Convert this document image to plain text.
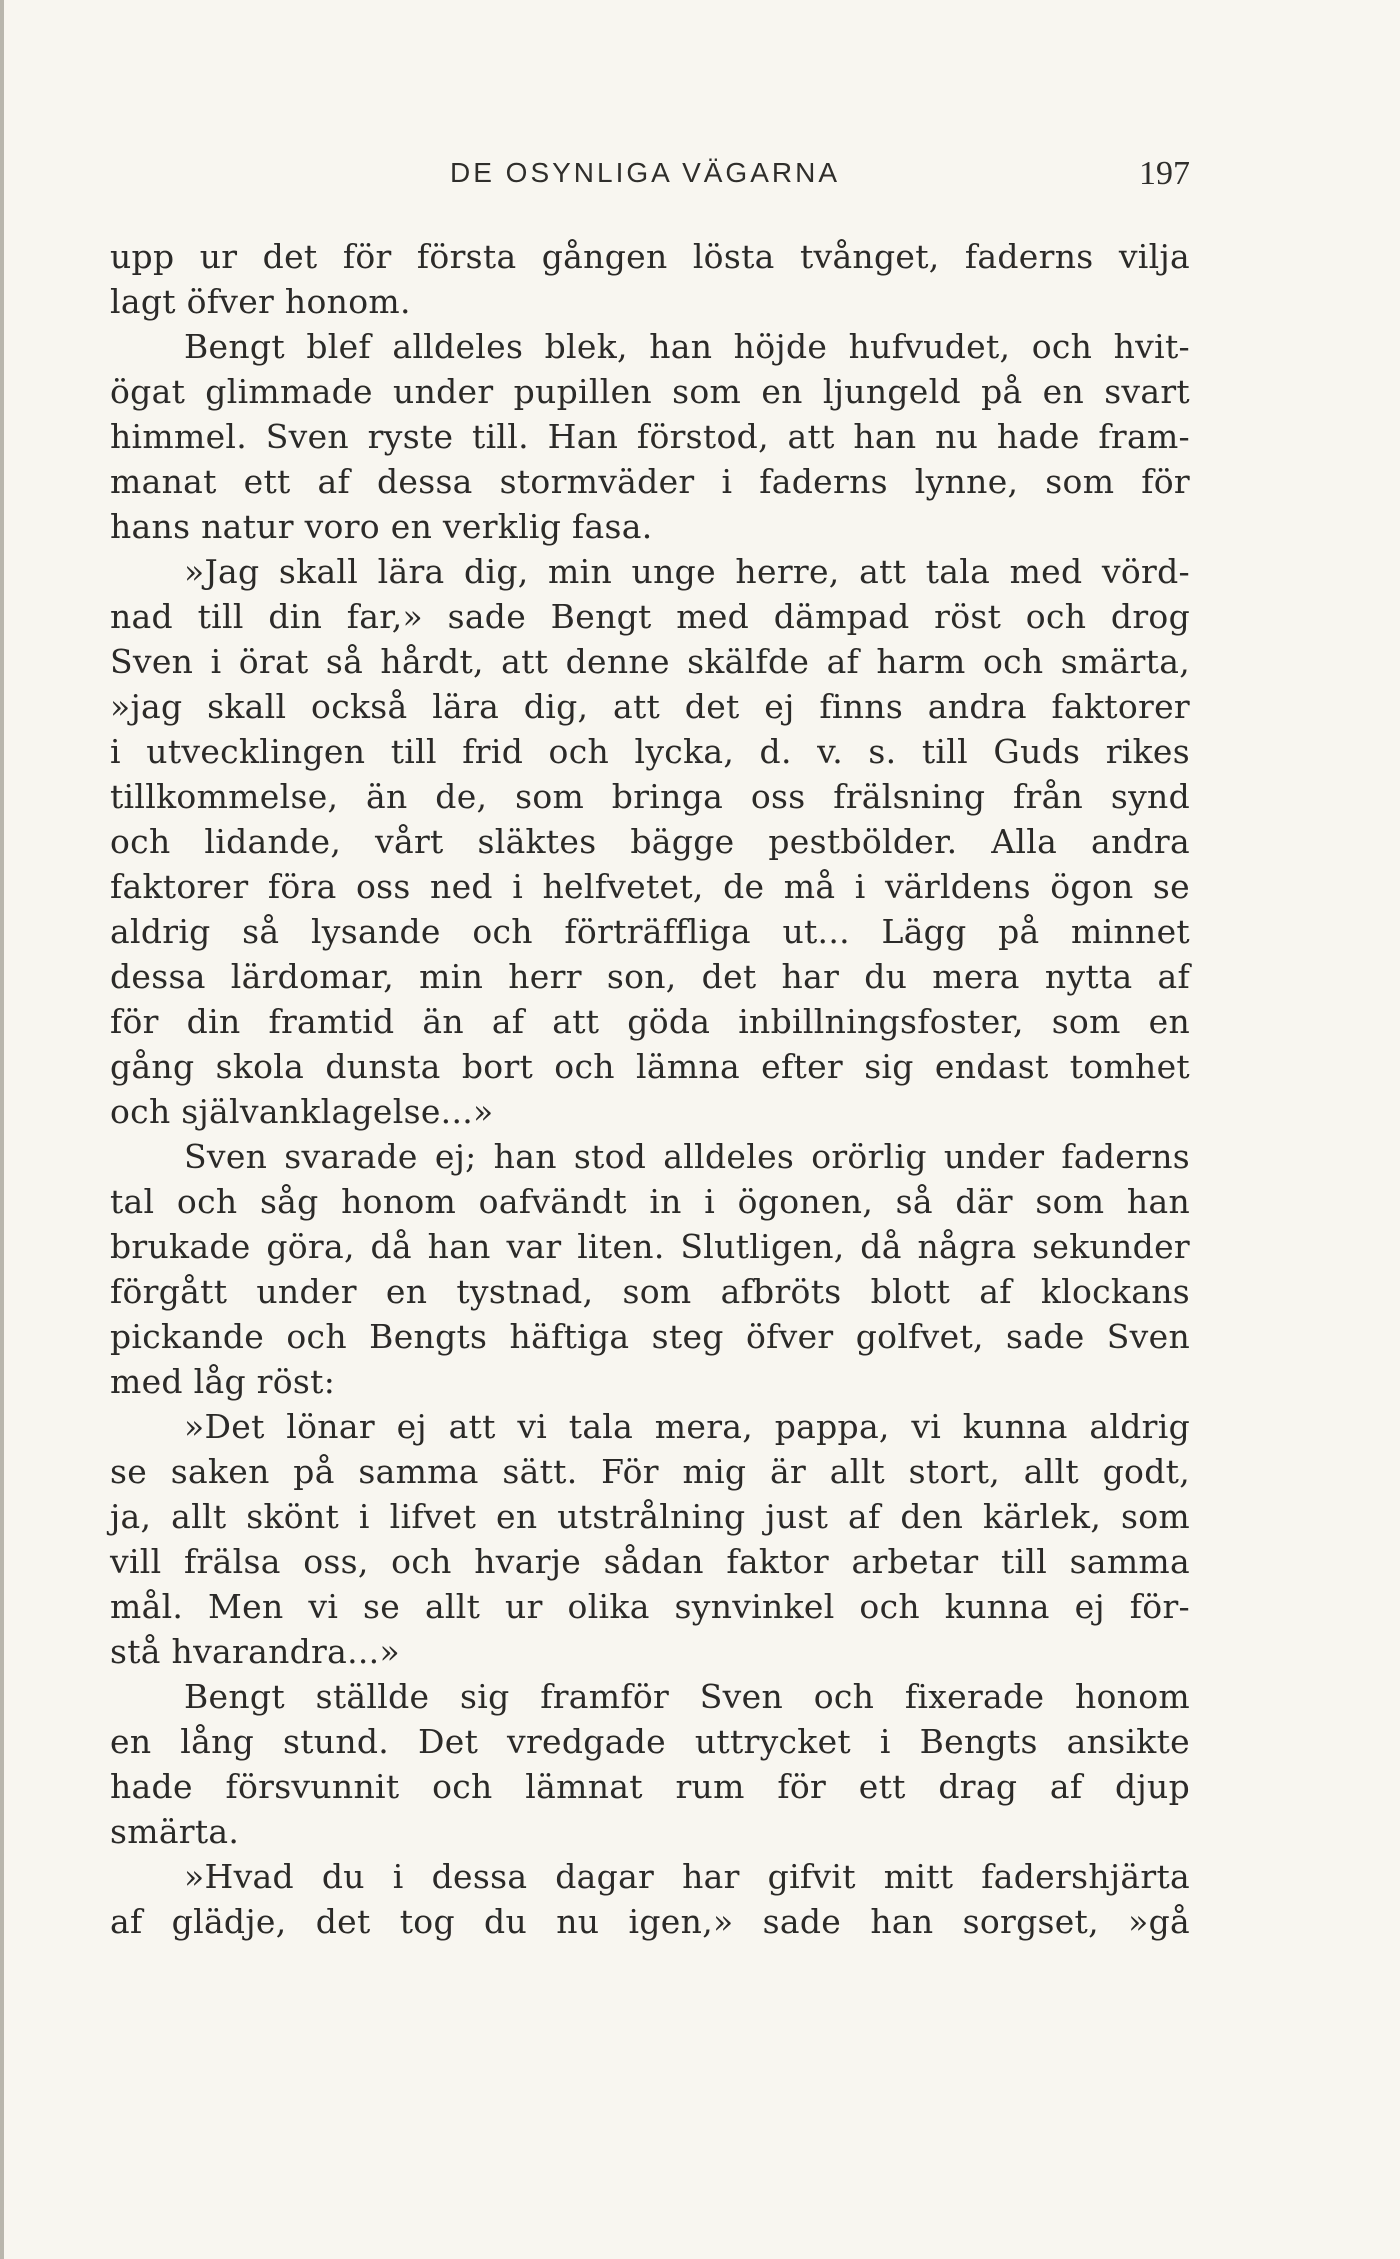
DE OSYNLIGA VÄGARNA	197
upp ur det för första gången lösta tvånget, faderns vilja
lagt öfver honom.
Bengt blef alldeles blek, han höjde hufvudet, och hvit-
ögat glimmade under pupillen som en ljungeld på en svart
himmel. Sven ryste till. Han förstod, att han nu hade fram-
manat ett af dessa stormväder i faderns lynne, som för
hans natur voro en verklig fasa.
»Jag skall lära dig, min unge herre, att tala med vörd-
nad till din far,» sade Bengt med dämpad röst och drog
Sven i örat så hårdt, att denne skälfde af harm och smärta,
»jag skall också lära dig, att det ej finns andra faktorer
i utvecklingen till frid och lycka, d. v. s. till Guds rikes
tillkommelse, än de, som bringa oss frälsning från synd
och lidande, vårt släktes bägge pestbölder. Alla andra
faktorer föra oss ned i helfvetet, de må i världens ögon se
aldrig så lysande och förträffliga ut... Lägg på minnet
dessa lärdomar, min herr son, det har du mera nytta af
för din framtid än af att göda inbillningsfoster, som en
gång skola dunsta bort och lämna efter sig endast tomhet
och självanklagelse...»
Sven svarade ej; han stod alldeles orörlig under faderns
tal och såg honom oafvändt in i ögonen, så där som han
brukade göra, då han var liten. Slutligen, då några sekunder
förgått under en tystnad, som afbröts blott af klockans
pickande och Bengts häftiga steg öfver golfvet, sade Sven
med låg röst:
»Det lönar ej att vi tala mera, pappa, vi kunna aldrig
se saken på samma sätt. För mig är allt stort, allt godt,
ja, allt skönt i lifvet en utstrålning just af den kärlek, som
vill frälsa oss, och hvarje sådan faktor arbetar till samma
mål. Men vi se allt ur olika synvinkel och kunna ej för-
stå hvarandra...»
Bengt ställde sig framför Sven och fixerade honom
en lång stund. Det vredgade uttrycket i Bengts ansikte
hade försvunnit och lämnat rum för ett drag af djup
smärta.
»Hvad du i dessa dagar har gifvit mitt fadershjärta
af glädje, det tog du nu igen,» sade han sorgset, »gå
